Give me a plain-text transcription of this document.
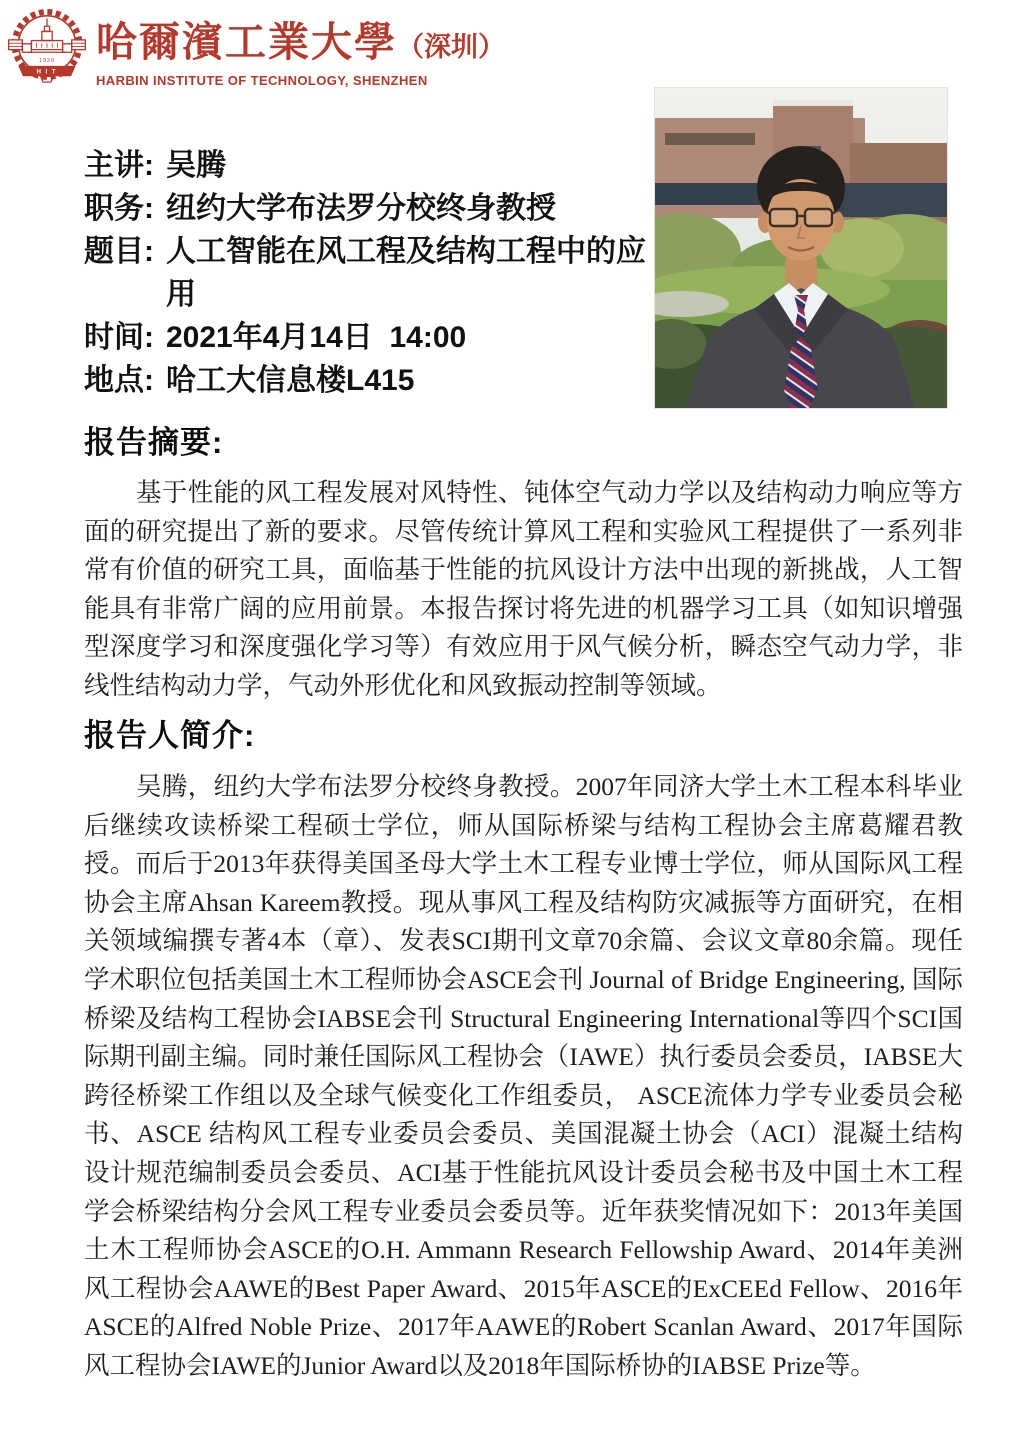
1920
HIT
哈爾濱工業大學（深圳）
HARBIN INSTITUTE OF TECHNOLOGY, SHENZHEN
主讲: 吴腾
职务: 纽约大学布法罗分校终身教授
题目: 人工智能在风工程及结构工程中的应用
时间: 2021年4月14日  14:00
地点: 哈工大信息楼L415
报告摘要:

基于性能的风工程发展对风特性、钝体空气动力学以及结构动力响应等方面的研究提出了新的要求。尽管传统计算风工程和实验风工程提供了一系列非常有价值的研究工具，面临基于性能的抗风设计方法中出现的新挑战，人工智能具有非常广阔的应用前景。本报告探讨将先进的机器学习工具（如知识增强型深度学习和深度强化学习等）有效应用于风气候分析，瞬态空气动力学，非线性结构动力学，气动外形优化和风致振动控制等领域。

报告人简介:

吴腾，纽约大学布法罗分校终身教授。2007年同济大学土木工程本科毕业后继续攻读桥梁工程硕士学位，师从国际桥梁与结构工程协会主席葛耀君教授。而后于2013年获得美国圣母大学土木工程专业博士学位，师从国际风工程协会主席Ahsan Kareem教授。现从事风工程及结构防灾减振等方面研究，在相关领域编撰专著4本（章）、发表SCI期刊文章70余篇、会议文章80余篇。现任学术职位包括美国土木工程师协会ASCE会刊 Journal of Bridge Engineering, 国际桥梁及结构工程协会IABSE会刊 Structural Engineering International等四个SCI国际期刊副主编。同时兼任国际风工程协会（IAWE）执行委员会委员，IABSE大跨径桥梁工作组以及全球气候变化工作组委员， ASCE流体力学专业委员会秘书、ASCE 结构风工程专业委员会委员、美国混凝土协会（ACI）混凝土结构设计规范编制委员会委员、ACI基于性能抗风设计委员会秘书及中国土木工程学会桥梁结构分会风工程专业委员会委员等。近年获奖情况如下：2013年美国土木工程师协会ASCE的O.H. Ammann Research Fellowship Award、2014年美洲风工程协会AAWE的Best Paper Award、2015年ASCE的ExCEEd Fellow、2016年ASCE的Alfred Noble Prize、2017年AAWE的Robert Scanlan Award、2017年国际风工程协会IAWE的Junior Award以及2018年国际桥协的IABSE Prize等。
